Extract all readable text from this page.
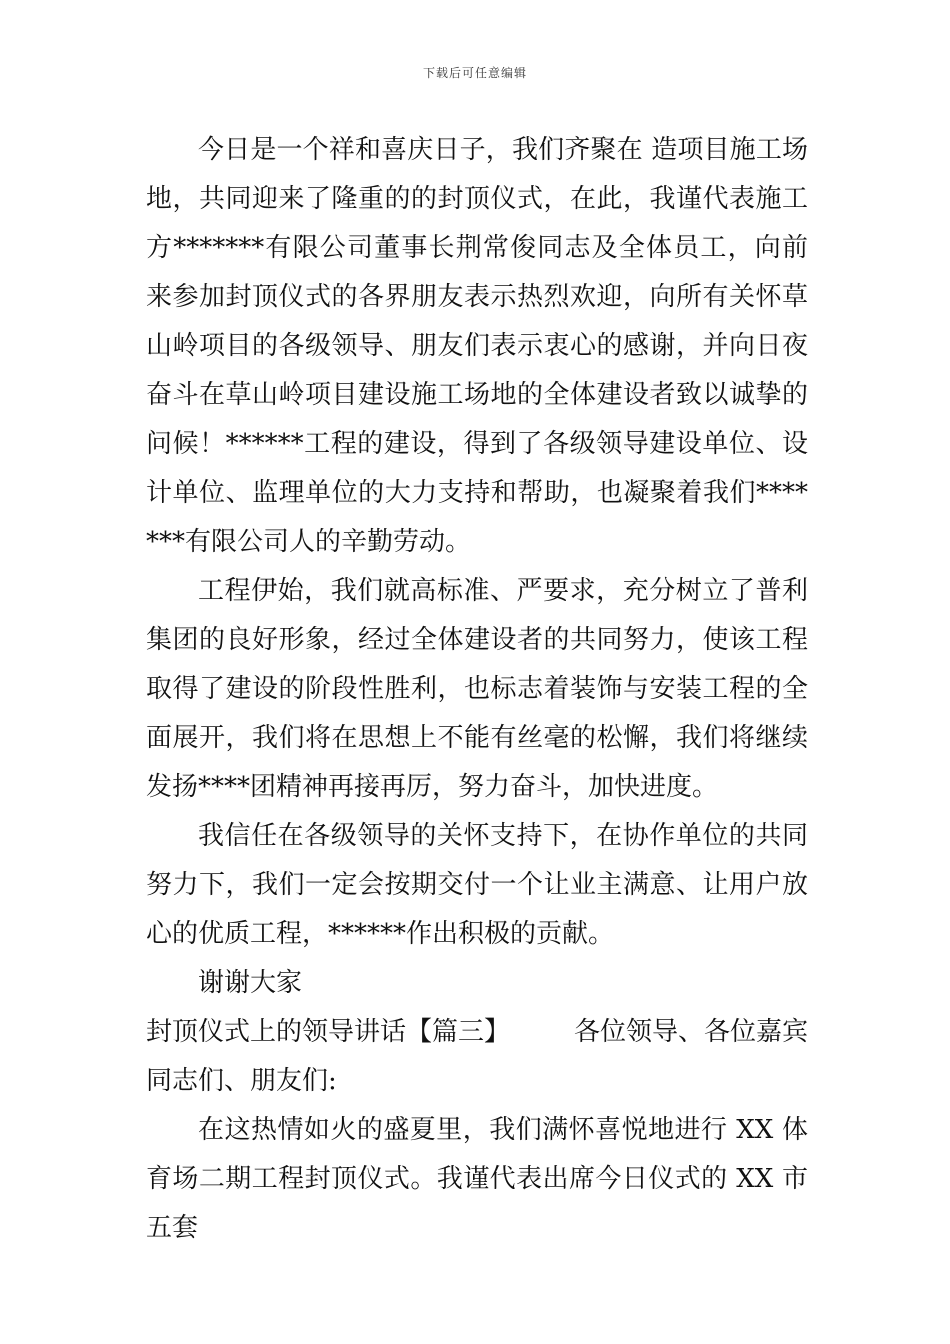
下载后可任意编辑

今日是一个祥和喜庆日子，我们齐聚在 造项目施工场地，共同迎来了隆重的的封顶仪式，在此，我谨代表施工方*******有限公司董事长荆常俊同志及全体员工，向前来参加封顶仪式的各界朋友表示热烈欢迎，向所有关怀草山岭项目的各级领导、朋友们表示衷心的感谢，并向日夜奋斗在草山岭项目建设施工场地的全体建设者致以诚挚的问候！******工程的建设，得到了各级领导建设单位、设计单位、监理单位的大力支持和帮助，也凝聚着我们*******有限公司人的辛勤劳动。

工程伊始，我们就高标准、严要求，充分树立了普利集团的良好形象，经过全体建设者的共同努力，使该工程取得了建设的阶段性胜利，也标志着装饰与安装工程的全面展开，我们将在思想上不能有丝毫的松懈，我们将继续发扬****团精神再接再厉，努力奋斗，加快进度。

我信任在各级领导的关怀支持下，在协作单位的共同努力下，我们一定会按期交付一个让业主满意、让用户放心的优质工程，******作出积极的贡献。

谢谢大家

封顶仪式上的领导讲话【篇三】 各位领导、各位嘉宾

同志们、朋友们:

在这热情如火的盛夏里，我们满怀喜悦地进行 XX 体育场二期工程封顶仪式。我谨代表出席今日仪式的 XX 市五套
